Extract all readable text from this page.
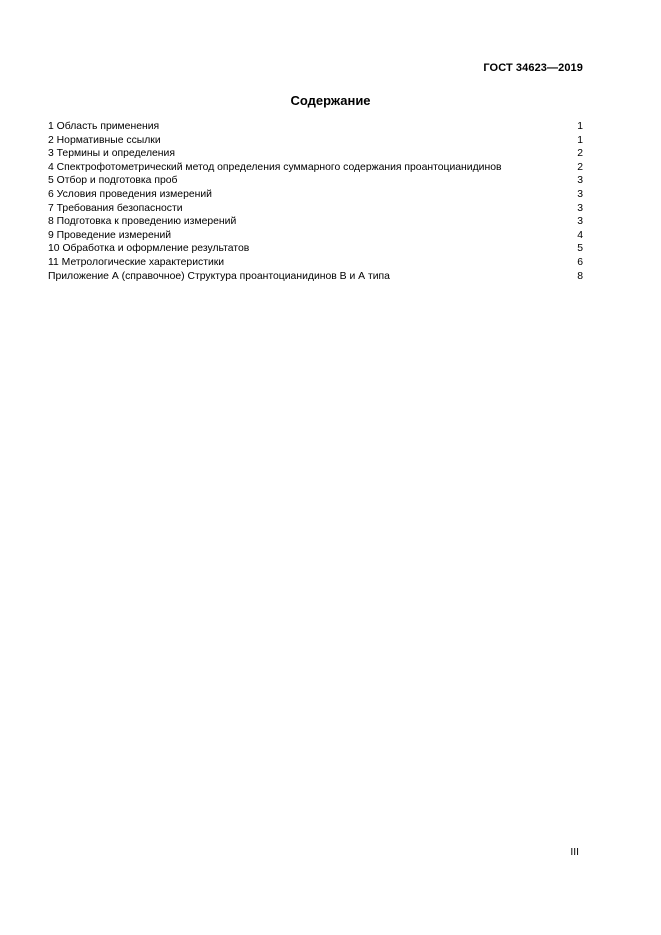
ГОСТ 34623—2019
Содержание
1 Область применения	1
2 Нормативные ссылки	1
3 Термины и определения	2
4 Спектрофотометрический метод определения суммарного содержания проантоцианидинов	2
5 Отбор и подготовка проб	3
6 Условия проведения измерений	3
7 Требования безопасности	3
8 Подготовка к проведению измерений	3
9 Проведение измерений	4
10 Обработка и оформление результатов	5
11 Метрологические характеристики	6
Приложение А (справочное) Структура проантоцианидинов В и А типа	8
III
